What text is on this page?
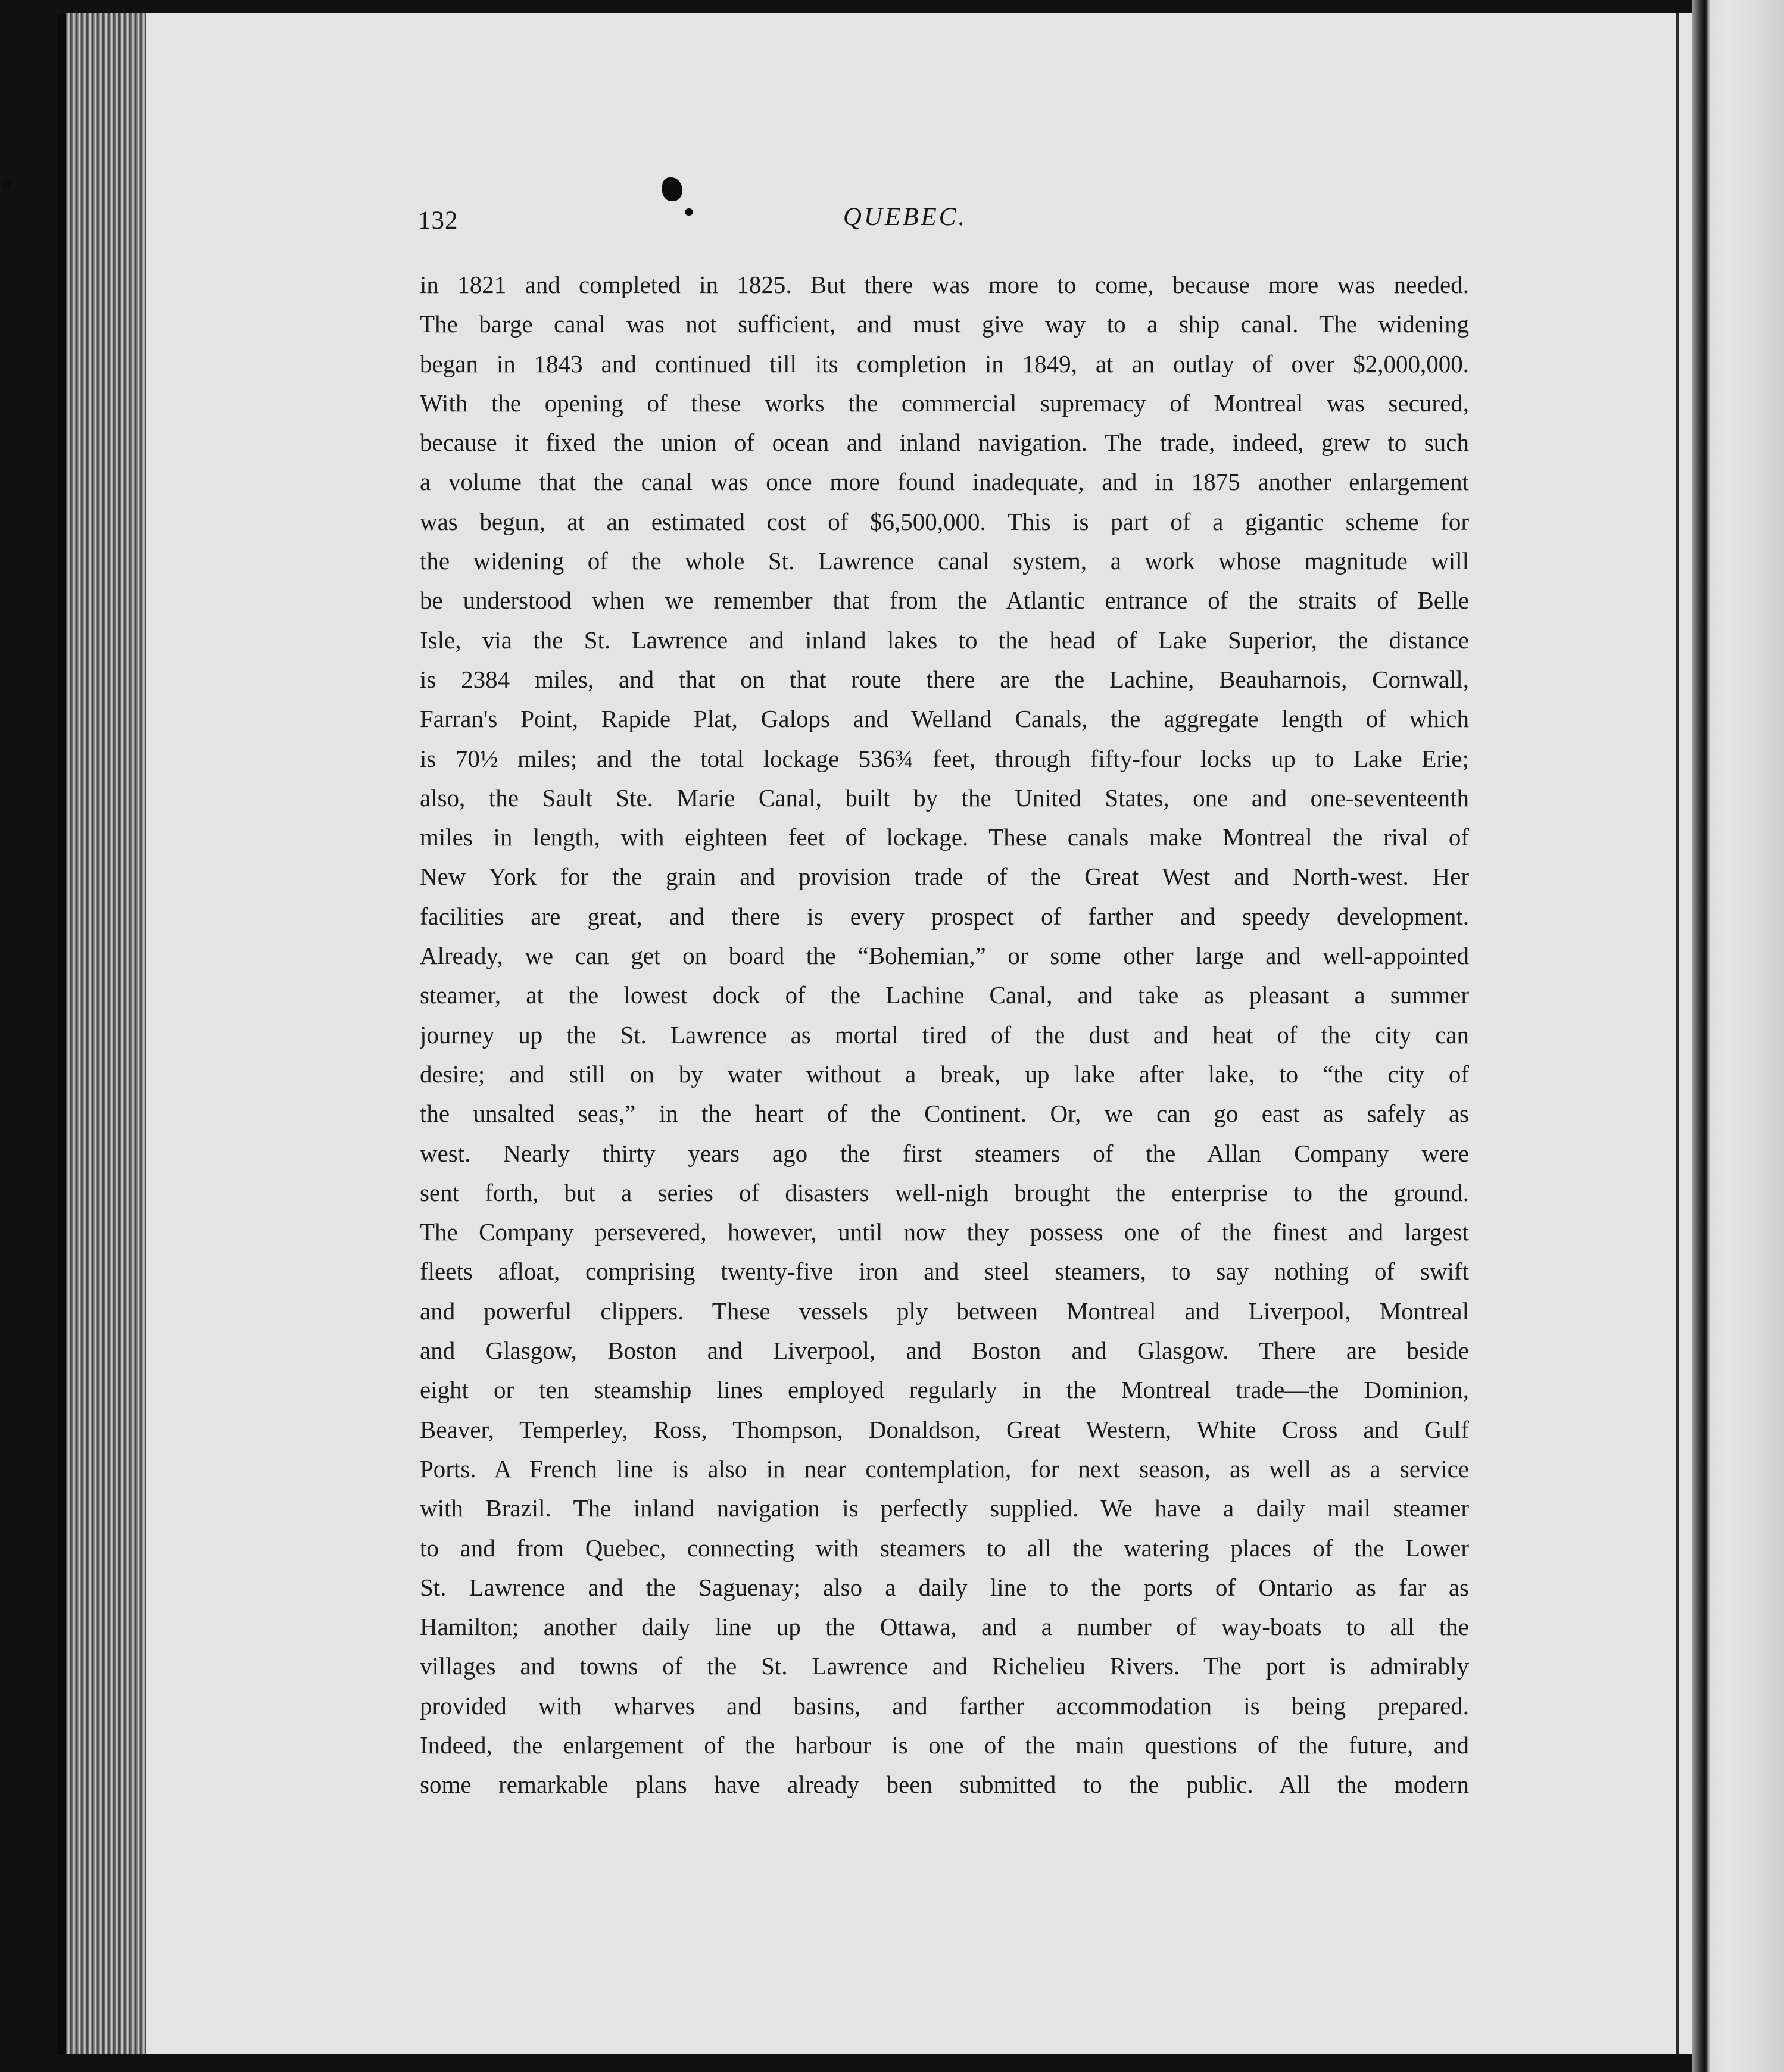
132	QUEBEC.
in 1821 and completed in 1825. But there was more to come, because more was needed.
The barge canal was not sufficient, and must give way to a ship canal. The widening
began in 1843 and continued till its completion in 1849, at an outlay of over $2,000,000.
With the opening of these works the commercial supremacy of Montreal was secured,
because it fixed the union of ocean and inland navigation. The trade, indeed, grew to such
a volume that the canal was once more found inadequate, and in 1875 another enlargement
was begun, at an estimated cost of $6,500,000. This is part of a gigantic scheme for
the widening of the whole St. Lawrence canal system, a work whose magnitude will
be understood when we remember that from the Atlantic entrance of the straits of Belle
Isle, via the St. Lawrence and inland lakes to the head of Lake Superior, the distance
is 2384 miles, and that on that route there are the Lachine, Beauharnois, Cornwall,
Farran's Point, Rapide Plat, Galops and Welland Canals, the aggregate length of which
is 70½ miles; and the total lockage 536¾ feet, through fifty-four locks up to Lake Erie;
also, the Sault Ste. Marie Canal, built by the United States, one and one-seventeenth
miles in length, with eighteen feet of lockage. These canals make Montreal the rival of
New York for the grain and provision trade of the Great West and North-west. Her
facilities are great, and there is every prospect of farther and speedy development.
Already, we can get on board the “Bohemian,” or some other large and well-appointed
steamer, at the lowest dock of the Lachine Canal, and take as pleasant a summer
journey up the St. Lawrence as mortal tired of the dust and heat of the city can
desire; and still on by water without a break, up lake after lake, to “the city of
the unsalted seas,” in the heart of the Continent. Or, we can go east as safely as
west. Nearly thirty years ago the first steamers of the Allan Company were
sent forth, but a series of disasters well-nigh brought the enterprise to the ground.
The Company persevered, however, until now they possess one of the finest and largest
fleets afloat, comprising twenty-five iron and steel steamers, to say nothing of swift
and powerful clippers. These vessels ply between Montreal and Liverpool, Montreal
and Glasgow, Boston and Liverpool, and Boston and Glasgow. There are beside
eight or ten steamship lines employed regularly in the Montreal trade—the Dominion,
Beaver, Temperley, Ross, Thompson, Donaldson, Great Western, White Cross and Gulf
Ports. A French line is also in near contemplation, for next season, as well as a service
with Brazil. The inland navigation is perfectly supplied. We have a daily mail steamer
to and from Quebec, connecting with steamers to all the watering places of the Lower
St. Lawrence and the Saguenay; also a daily line to the ports of Ontario as far as
Hamilton; another daily line up the Ottawa, and a number of way-boats to all the
villages and towns of the St. Lawrence and Richelieu Rivers. The port is admirably
provided with wharves and basins, and farther accommodation is being prepared.
Indeed, the enlargement of the harbour is one of the main questions of the future, and
some remarkable plans have already been submitted to the public. All the modern
